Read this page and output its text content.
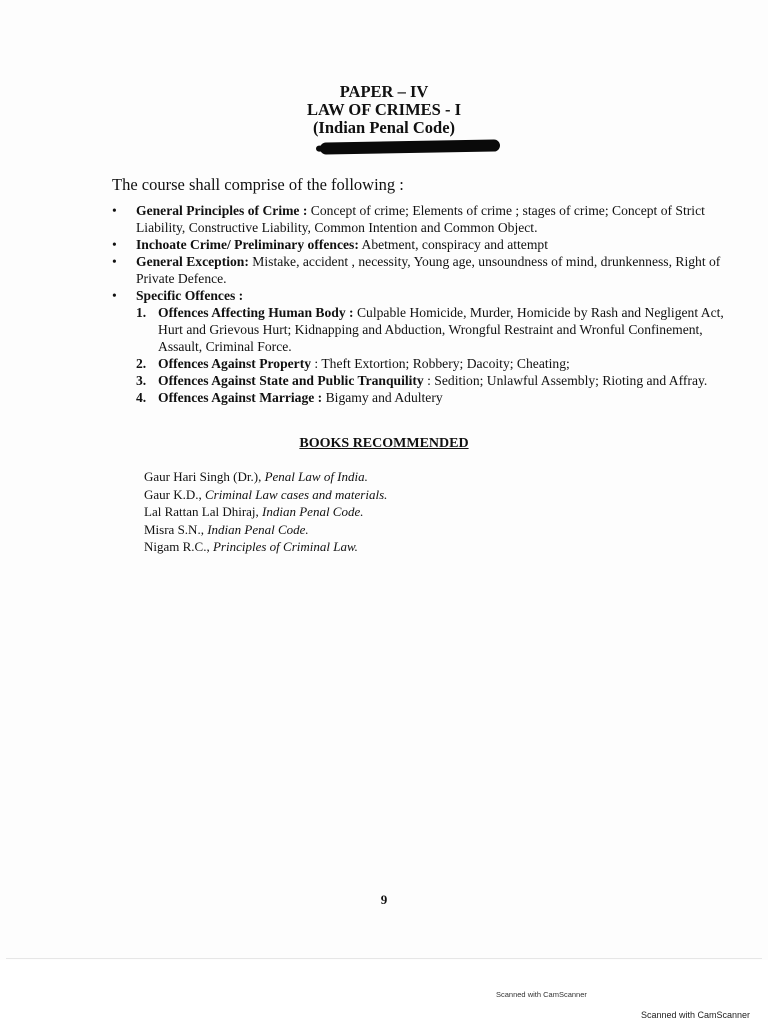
PAPER – IV
LAW OF CRIMES - I
(Indian Penal Code)
The course shall comprise of the following :
• General Principles of Crime : Concept of crime; Elements of crime ; stages of crime; Concept of Strict Liability, Constructive Liability, Common Intention and Common Object.
• Inchoate Crime/ Preliminary offences: Abetment, conspiracy and attempt
• General Exception: Mistake, accident , necessity, Young age, unsoundness of mind, drunkenness, Right of Private Defence.
• Specific Offences :
1. Offences Affecting Human Body : Culpable Homicide, Murder, Homicide by Rash and Negligent Act, Hurt and Grievous Hurt; Kidnapping and Abduction, Wrongful Restraint and Wronful Confinement, Assault, Criminal Force.
2. Offences Against Property : Theft Extortion; Robbery; Dacoity; Cheating;
3. Offences Against State and Public Tranquility : Sedition; Unlawful Assembly; Rioting and Affray.
4. Offences Against Marriage : Bigamy and Adultery
BOOKS RECOMMENDED
Gaur Hari Singh (Dr.), Penal Law of India.
Gaur K.D., Criminal Law cases and materials.
Lal Rattan Lal Dhiraj, Indian Penal Code.
Misra S.N., Indian Penal Code.
Nigam R.C., Principles of Criminal Law.
9
Scanned with CamScanner
Scanned with CamScanner
